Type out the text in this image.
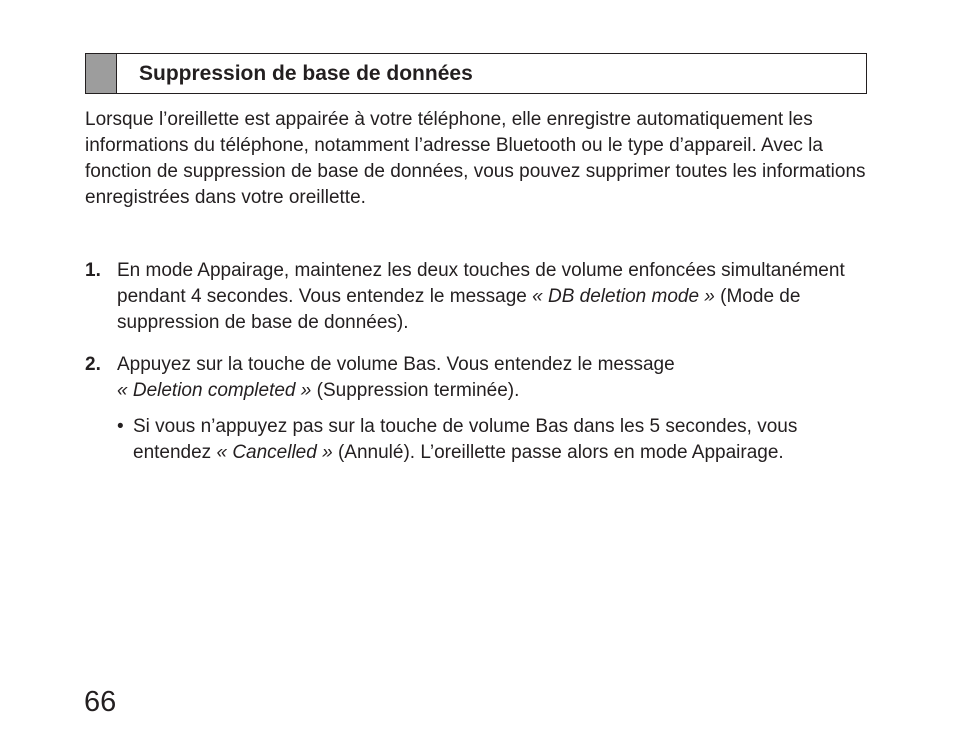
Suppression de base de données

Lorsque l’oreillette est appairée à votre téléphone, elle enregistre automatiquement les informations du téléphone, notamment l’adresse Bluetooth ou le type d’appareil. Avec la fonction de suppression de base de données, vous pouvez supprimer toutes les informations enregistrées dans votre oreillette.

1. En mode Appairage, maintenez les deux touches de volume enfoncées simultanément pendant 4 secondes. Vous entendez le message « DB deletion mode » (Mode de suppression de base de données).
2. Appuyez sur la touche de volume Bas. Vous entendez le message
« Deletion completed » (Suppression terminée).
• Si vous n’appuyez pas sur la touche de volume Bas dans les 5 secondes, vous entendez « Cancelled » (Annulé). L’oreillette passe alors en mode Appairage.
66
